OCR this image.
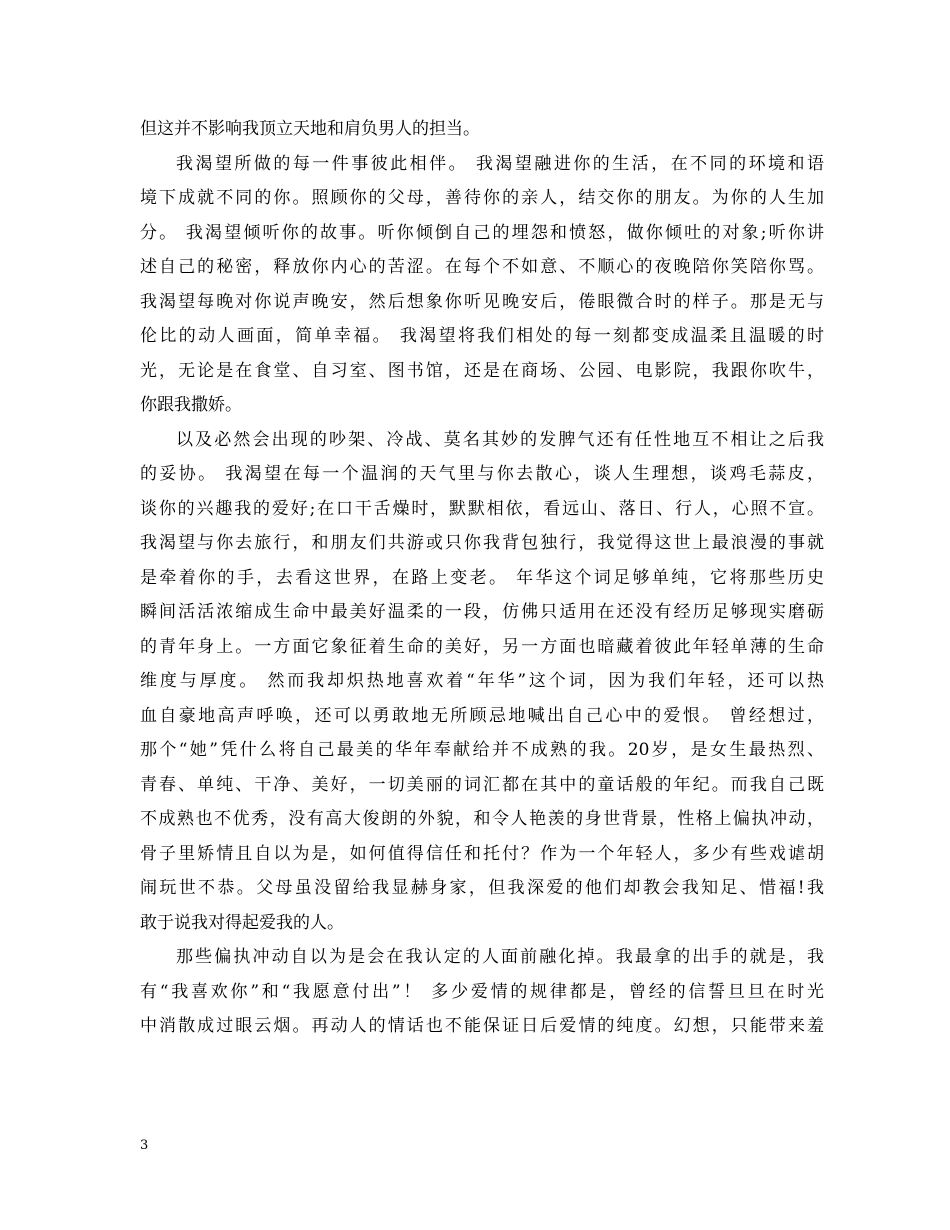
但这并不影响我顶立天地和肩负男人的担当。
我渴望所做的每一件事彼此相伴。 我渴望融进你的生活，在不同的环境和语
境下成就不同的你。照顾你的父母，善待你的亲人，结交你的朋友。为你的人生加
分。 我渴望倾听你的故事。听你倾倒自己的埋怨和愤怒，做你倾吐的对象;听你讲
述自己的秘密，释放你内心的苦涩。在每个不如意、不顺心的夜晚陪你笑陪你骂。
我渴望每晚对你说声晚安，然后想象你听见晚安后，倦眼微合时的样子。那是无与
伦比的动人画面，简单幸福。 我渴望将我们相处的每一刻都变成温柔且温暖的时
光，无论是在食堂、自习室、图书馆，还是在商场、公园、电影院，我跟你吹牛，
你跟我撒娇。
以及必然会出现的吵架、冷战、莫名其妙的发脾气还有任性地互不相让之后我
的妥协。 我渴望在每一个温润的天气里与你去散心，谈人生理想，谈鸡毛蒜皮，
谈你的兴趣我的爱好;在口干舌燥时，默默相依，看远山、落日、行人，心照不宣。
我渴望与你去旅行，和朋友们共游或只你我背包独行，我觉得这世上最浪漫的事就
是牵着你的手，去看这世界，在路上变老。 年华这个词足够单纯，它将那些历史
瞬间活活浓缩成生命中最美好温柔的一段，仿佛只适用在还没有经历足够现实磨砺
的青年身上。一方面它象征着生命的美好，另一方面也暗藏着彼此年轻单薄的生命
维度与厚度。 然而我却炽热地喜欢着“年华”这个词，因为我们年轻，还可以热
血自豪地高声呼唤，还可以勇敢地无所顾忌地喊出自己心中的爱恨。 曾经想过，
那个“她”凭什么将自己最美的华年奉献给并不成熟的我。20岁，是女生最热烈、
青春、单纯、干净、美好，一切美丽的词汇都在其中的童话般的年纪。而我自己既
不成熟也不优秀，没有高大俊朗的外貌，和令人艳羡的身世背景，性格上偏执冲动，
骨子里矫情且自以为是，如何值得信任和托付？作为一个年轻人，多少有些戏谑胡
闹玩世不恭。父母虽没留给我显赫身家，但我深爱的他们却教会我知足、惜福!我
敢于说我对得起爱我的人。
那些偏执冲动自以为是会在我认定的人面前融化掉。我最拿的出手的就是，我
有“我喜欢你”和“我愿意付出”！ 多少爱情的规律都是，曾经的信誓旦旦在时光
中消散成过眼云烟。再动人的情话也不能保证日后爱情的纯度。幻想，只能带来羞
3
